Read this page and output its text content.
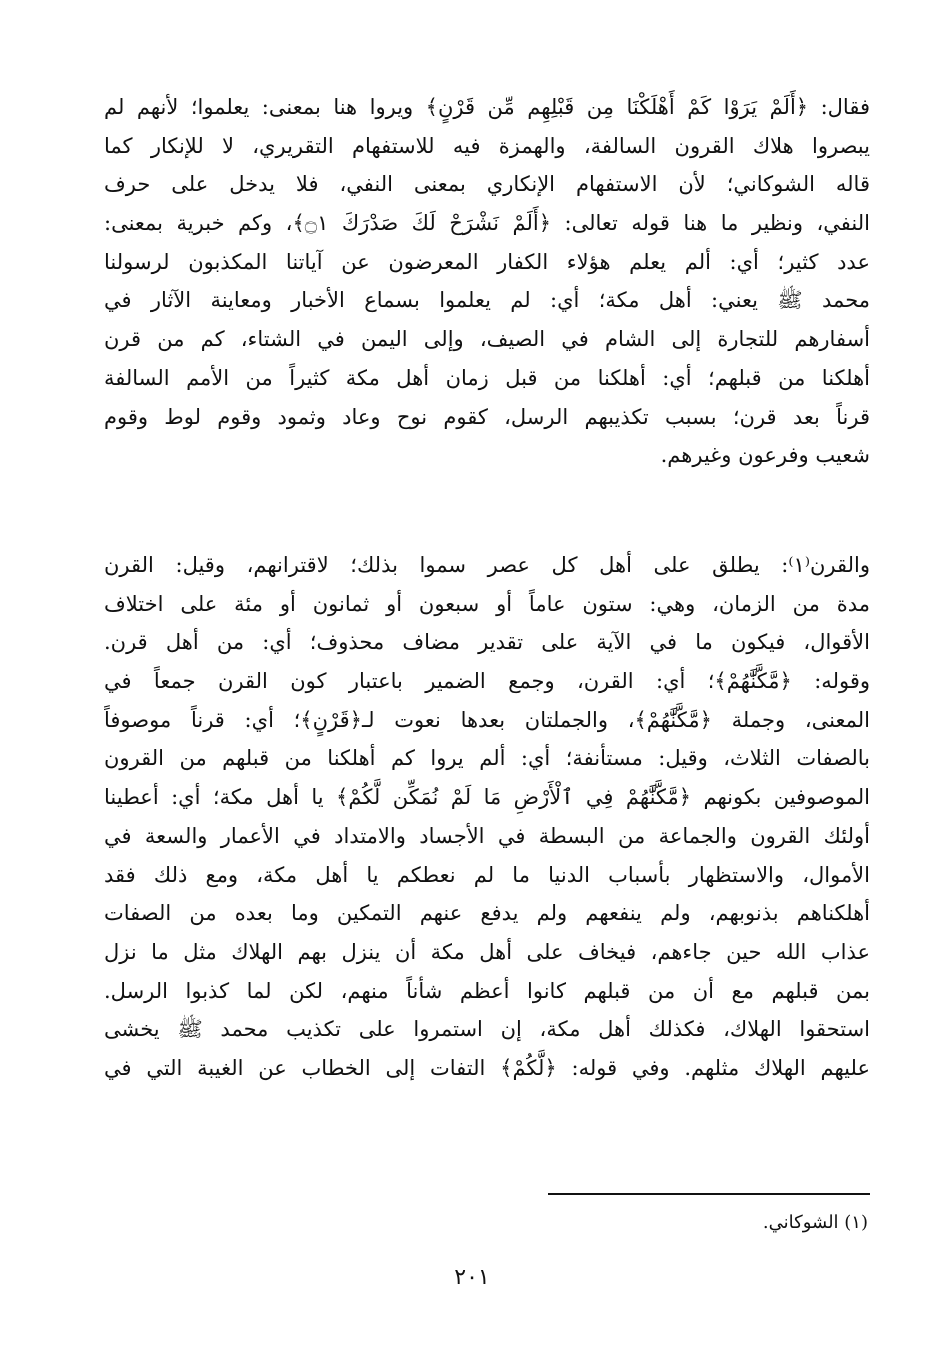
فقال: ﴿أَلَمْ يَرَوْا كَمْ أَهْلَكْنَا مِن قَبْلِهِم مِّن قَرْنٍ﴾ ويروا هنا بمعنى: يعلموا؛ لأنهم لم
يبصروا هلاك القرون السالفة، والهمزة فيه للاستفهام التقريري، لا للإنكار كما
قاله الشوكاني؛ لأن الاستفهام الإنكاري بمعنى النفي، فلا يدخل على حرف
النفي، ونظير ما هنا قوله تعالى: ﴿أَلَمْ نَشْرَحْ لَكَ صَدْرَكَ ۝١﴾، وكم خبرية بمعنى:
عدد كثير؛ أي: ألم يعلم هؤلاء الكفار المعرضون عن آياتنا المكذبون لرسولنا
محمد ﷺ يعني: أهل مكة؛ أي: لم يعلموا بسماع الأخبار ومعاينة الآثار في
أسفارهم للتجارة إلى الشام في الصيف، وإلى اليمن في الشتاء، كم من قرن
أهلكنا من قبلهم؛ أي: أهلكنا من قبل زمان أهل مكة كثيراً من الأمم السالفة
قرناً بعد قرن؛ بسبب تكذيبهم الرسل، كقوم نوح وعاد وثمود وقوم لوط وقوم
شعيب وفرعون وغيرهم.
والقرن⁽١⁾: يطلق على أهل كل عصر سموا بذلك؛ لاقترانهم، وقيل: القرن
مدة من الزمان، وهي: ستون عاماً أو سبعون أو ثمانون أو مئة على اختلاف
الأقوال، فيكون ما في الآية على تقدير مضاف محذوف؛ أي: من أهل قرن.
وقوله: ﴿مَّكَّنَّٰهُمْ﴾؛ أي: القرن، وجمع الضمير باعتبار كون القرن جمعاً في
المعنى، وجملة ﴿مَّكَّنَّٰهُمْ﴾، والجملتان بعدها نعوت لـ﴿قَرْنٍ﴾؛ أي: قرناً موصوفاً
بالصفات الثلاث، وقيل: مستأنفة؛ أي: ألم يروا كم أهلكنا من قبلهم من القرون
الموصوفين بكونهم ﴿مَّكَّنَّٰهُمْ فِي ٱلْأَرْضِ مَا لَمْ نُمَكِّن لَّكُمْ﴾ يا أهل مكة؛ أي: أعطينا
أولئك القرون والجماعة من البسطة في الأجساد والامتداد في الأعمار والسعة في
الأموال، والاستظهار بأسباب الدنيا ما لم نعطكم يا أهل مكة، ومع ذلك فقد
أهلكناهم بذنوبهم، ولم ينفعهم ولم يدفع عنهم التمكين وما بعده من الصفات
عذاب الله حين جاءهم، فيخاف على أهل مكة أن ينزل بهم الهلاك مثل ما نزل
بمن قبلهم مع أن من قبلهم كانوا أعظم شأناً منهم، لكن لما كذبوا الرسل.
استحقوا الهلاك، فكذلك أهل مكة، إن استمروا على تكذيب محمد ﷺ يخشى
عليهم الهلاك مثلهم. وفي قوله: ﴿لَّكُمْ﴾ التفات إلى الخطاب عن الغيبة التي في
(١) الشوكاني.
٢٠١
